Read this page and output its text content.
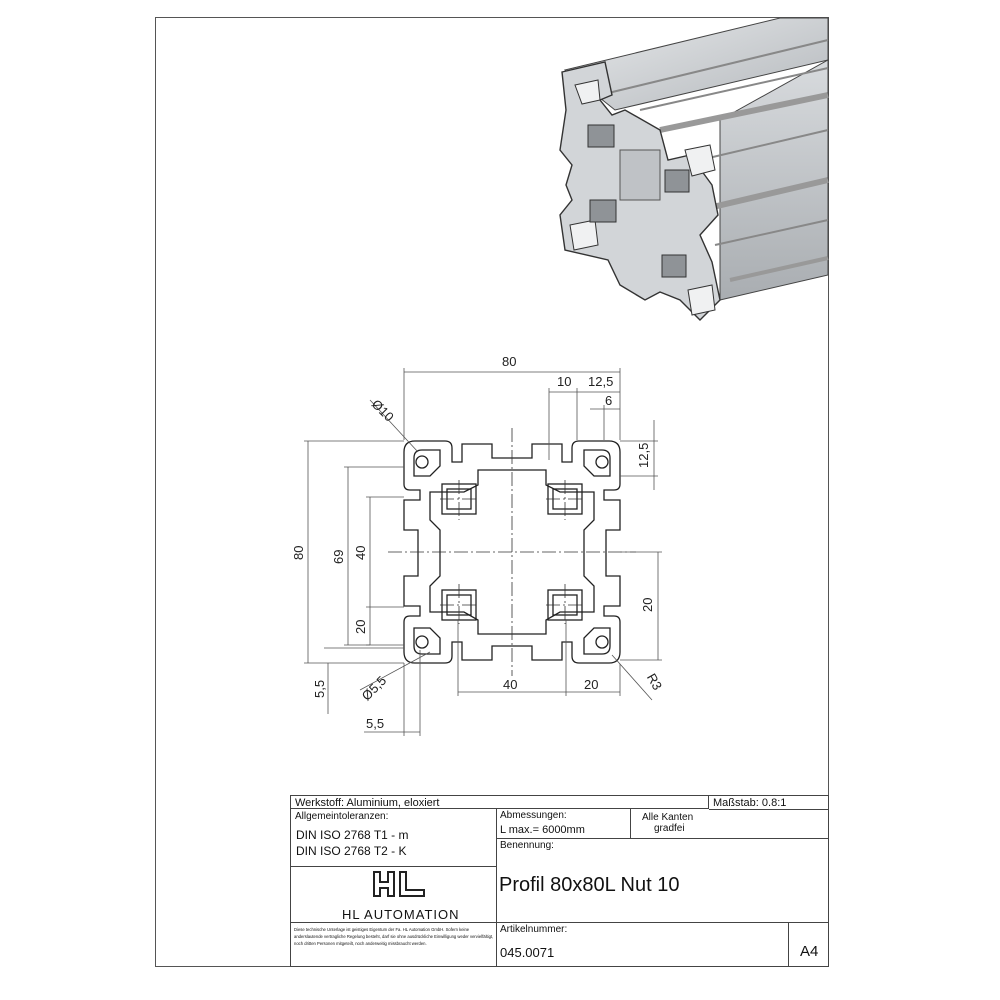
80
10 12,5
6
Ø10
12,5
80 69 40
20
20
5,5 Ø5,5	40	20	R3
5,5
Werkstoff: Aluminium, eloxiert	Maßstab: 0.8:1
Allgemeintoleranzen:
DIN ISO 2768 T1 - m
DIN ISO 2768 T2 - K
Abmessungen:
L max.= 6000mm
Alle Kanten
gradfei
Benennung:
Profil 80x80L Nut 10
HL AUTOMATION
Diese technische Unterlage ist geistiges Eigentum der Fa. HL Automation GmbH. Sofern keine anderslautende vertragliche Regelung besteht, darf sie ohne ausdrückliche Einwilligung weder vervielfältigt, noch dritten Personen mitgeteilt, noch anderweitig missbraucht werden.
Artikelnummer:
045.0071	A4
